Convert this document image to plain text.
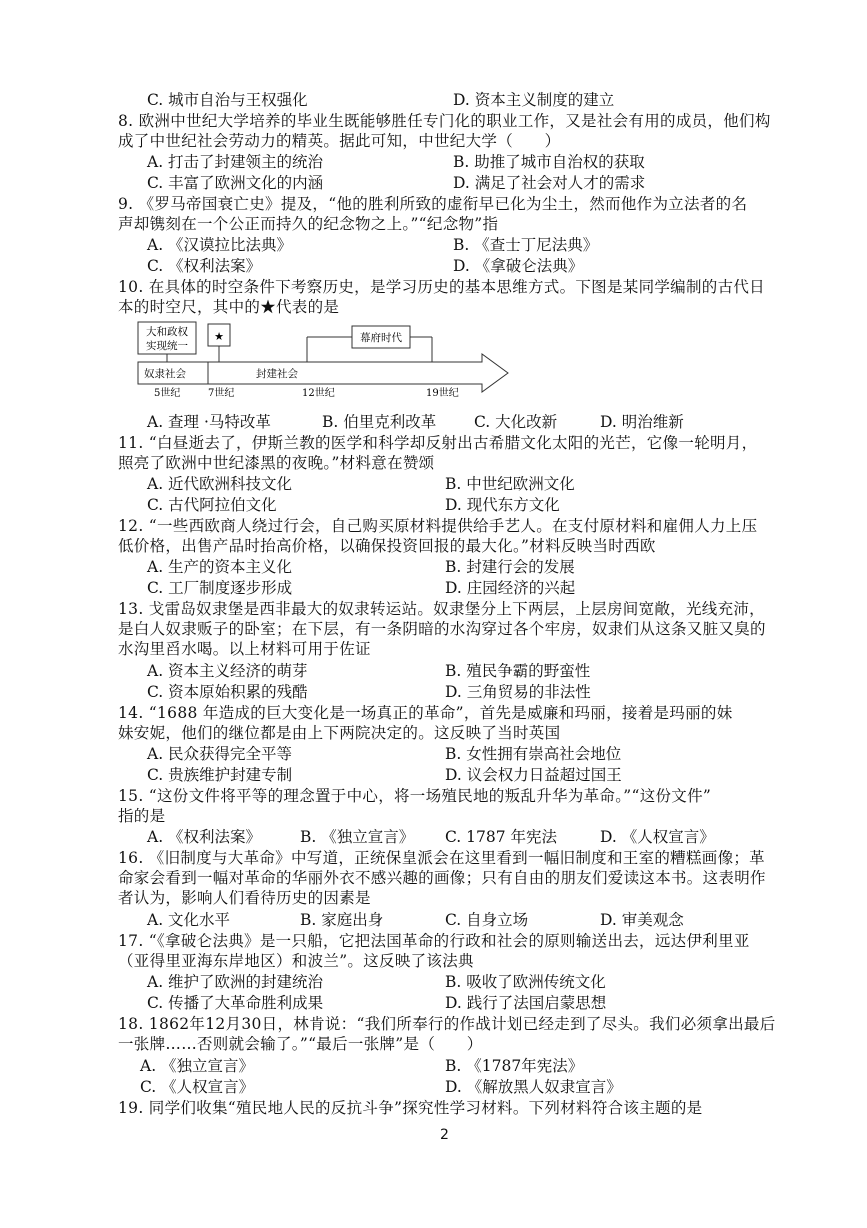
C. 城市自治与王权强化	D. 资本主义制度的建立
8. 欧洲中世纪大学培养的毕业生既能够胜任专门化的职业工作，又是社会有用的成员，他们构
成了中世纪社会劳动力的精英。据此可知，中世纪大学（　　）
A. 打击了封建领主的统治	B. 助推了城市自治权的获取
C. 丰富了欧洲文化的内涵	D. 满足了社会对人才的需求
9. 《罗马帝国衰亡史》提及，“他的胜利所致的虚衔早已化为尘土，然而他作为立法者的名
声却镌刻在一个公正而持久的纪念物之上。”“纪念物”指
A. 《汉谟拉比法典》	B. 《查士丁尼法典》
C. 《权利法案》	D. 《拿破仑法典》
10. 在具体的时空条件下考察历史，是学习历史的基本思维方式。下图是某同学编制的古代日
本的时空尺，其中的★代表的是
大和政权
实现统一
★	幕府时代
奴隶社会	封建社会
5世纪	7世纪	12世纪	19世纪
A. 查理 ·马特改革	B. 伯里克利改革 C. 大化改新	D. 明治维新
11. “白昼逝去了，伊斯兰教的医学和科学却反射出古希腊文化太阳的光芒，它像一轮明月，
照亮了欧洲中世纪漆黑的夜晚。”材料意在赞颂
A. 近代欧洲科技文化	B. 中世纪欧洲文化
C. 古代阿拉伯文化	D. 现代东方文化
12. “一些西欧商人绕过行会，自己购买原材料提供给手艺人。在支付原材料和雇佣人力上压
低价格，出售产品时抬高价格，以确保投资回报的最大化。”材料反映当时西欧
A. 生产的资本主义化	B. 封建行会的发展
C. 工厂制度逐步形成	D. 庄园经济的兴起
13. 戈雷岛奴隶堡是西非最大的奴隶转运站。奴隶堡分上下两层，上层房间宽敞，光线充沛，
是白人奴隶贩子的卧室；在下层，有一条阴暗的水沟穿过各个牢房，奴隶们从这条又脏又臭的
水沟里舀水喝。以上材料可用于佐证
A. 资本主义经济的萌芽	B. 殖民争霸的野蛮性
C. 资本原始积累的残酷	D. 三角贸易的非法性
14. “1688 年造成的巨大变化是一场真正的革命”，首先是威廉和玛丽，接着是玛丽的妹
妹安妮，他们的继位都是由上下两院决定的。这反映了当时英国
A. 民众获得完全平等	B. 女性拥有崇高社会地位
C. 贵族维护封建专制	D. 议会权力日益超过国王
15. “这份文件将平等的理念置于中心，将一场殖民地的叛乱升华为革命。”“这份文件”
指的是
A. 《权利法案》	B. 《独立宣言》 C. 1787 年宪法	D. 《人权宣言》
16. 《旧制度与大革命》中写道，正统保皇派会在这里看到一幅旧制度和王室的糟糕画像；革
命家会看到一幅对革命的华丽外衣不感兴趣的画像；只有自由的朋友们爱读这本书。这表明作
者认为，影响人们看待历史的因素是
A. 文化水平	B. 家庭出身	C. 自身立场	D. 审美观念
17. “《拿破仑法典》是一只船，它把法国革命的行政和社会的原则输送出去，远达伊利里亚
（亚得里亚海东岸地区）和波兰”。这反映了该法典
A. 维护了欧洲的封建统治	B. 吸收了欧洲传统文化
C. 传播了大革命胜利成果	D. 践行了法国启蒙思想
18. 1862年12月30日，林肯说：“我们所奉行的作战计划已经走到了尽头。我们必须拿出最后
一张牌……否则就会输了。”“最后一张牌”是（　　）
A. 《独立宣言》	B. 《1787年宪法》
C. 《人权宣言》	D. 《解放黑人奴隶宣言》
19. 同学们收集“殖民地人民的反抗斗争”探究性学习材料。下列材料符合该主题的是
2
